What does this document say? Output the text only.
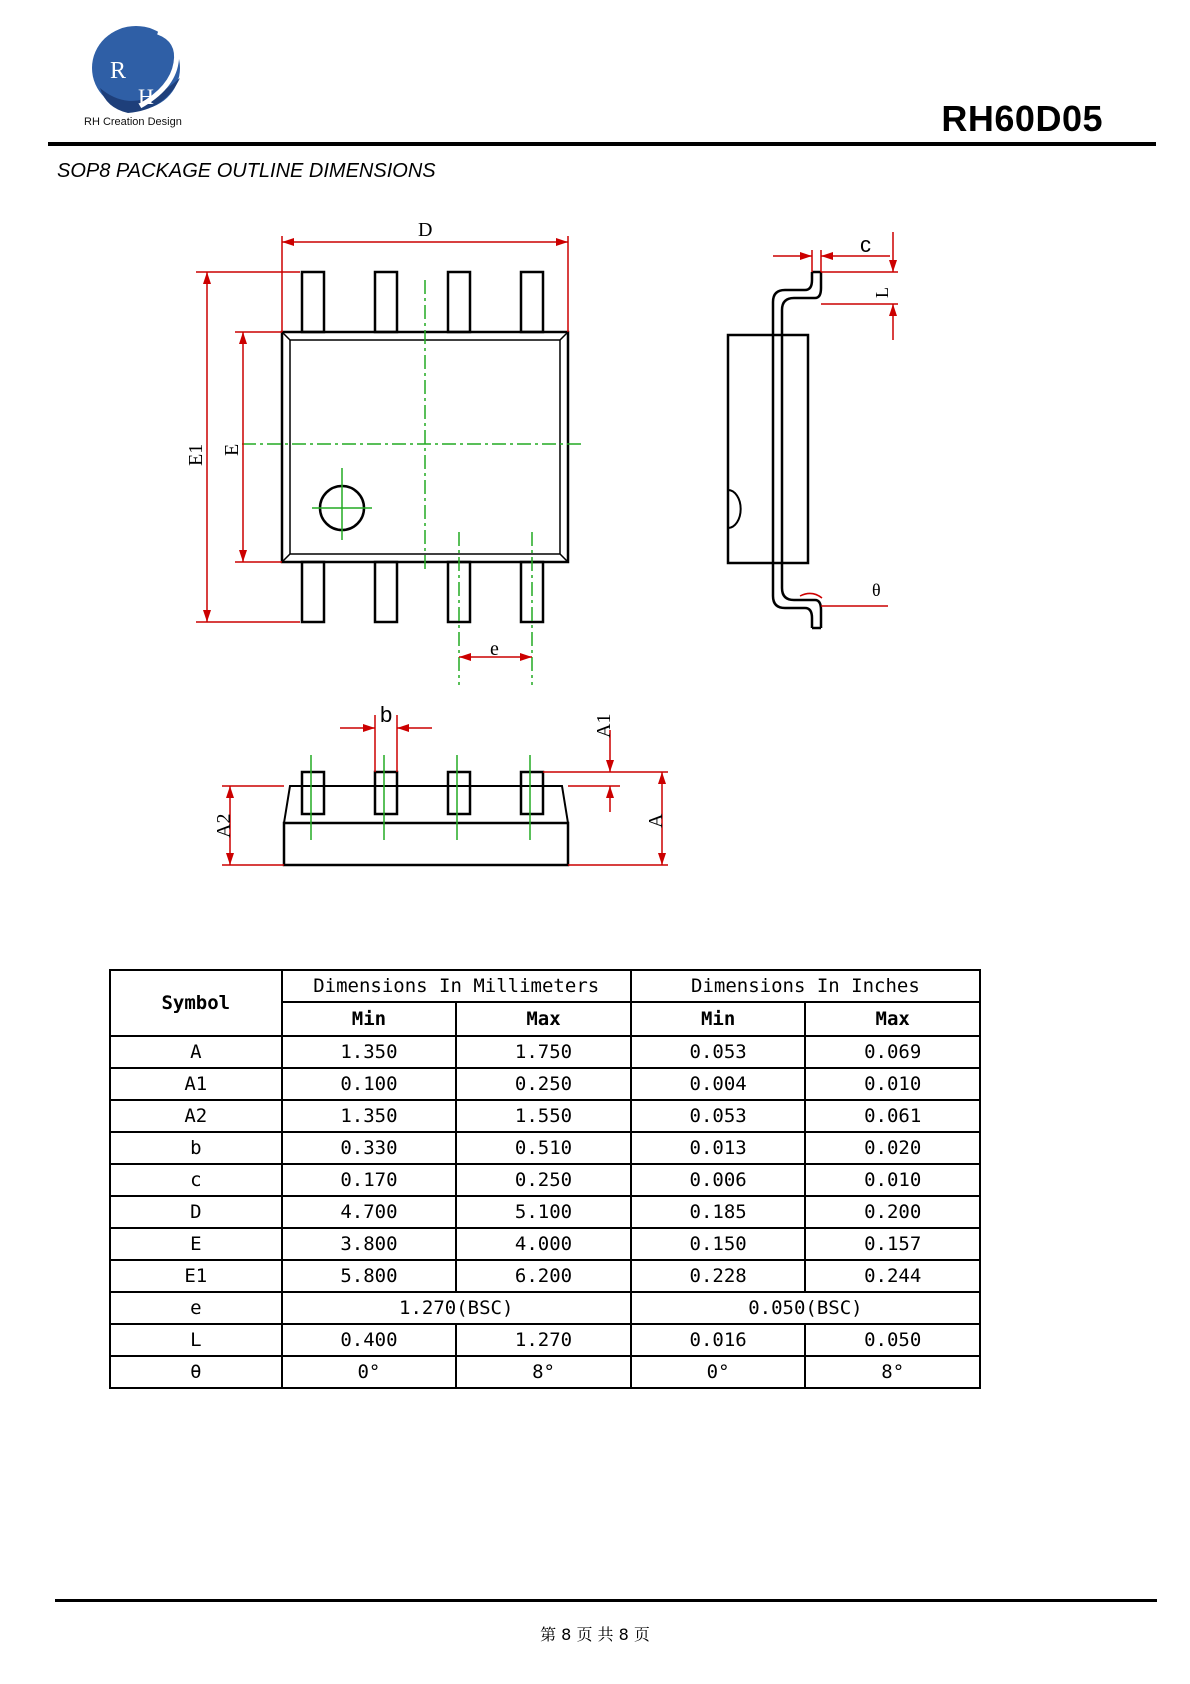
R
H
RH Creation Design	RH60D05
SOP8 PACKAGE OUTLINE DIMENSIONS
D
E1 E
e
c
L
θ
b	A1
A2	A
Symbol	Dimensions In Millimeters		Dimensions In Inches	
	Min	Max	Min	Max
A	1.350	1.750	0.053	0.069
A1	0.100	0.250	0.004	0.010
A2	1.350	1.550	0.053	0.061
b	0.330	0.510	0.013	0.020
c	0.170	0.250	0.006	0.010
D	4.700	5.100	0.185	0.200
E	3.800	4.000	0.150	0.157
E1	5.800	6.200	0.228	0.244
e	1.270(BSC)		0.050(BSC)	
L	0.400	1.270	0.016	0.050
θ	0°	8°	0°	8°
第 8 页 共 8 页
